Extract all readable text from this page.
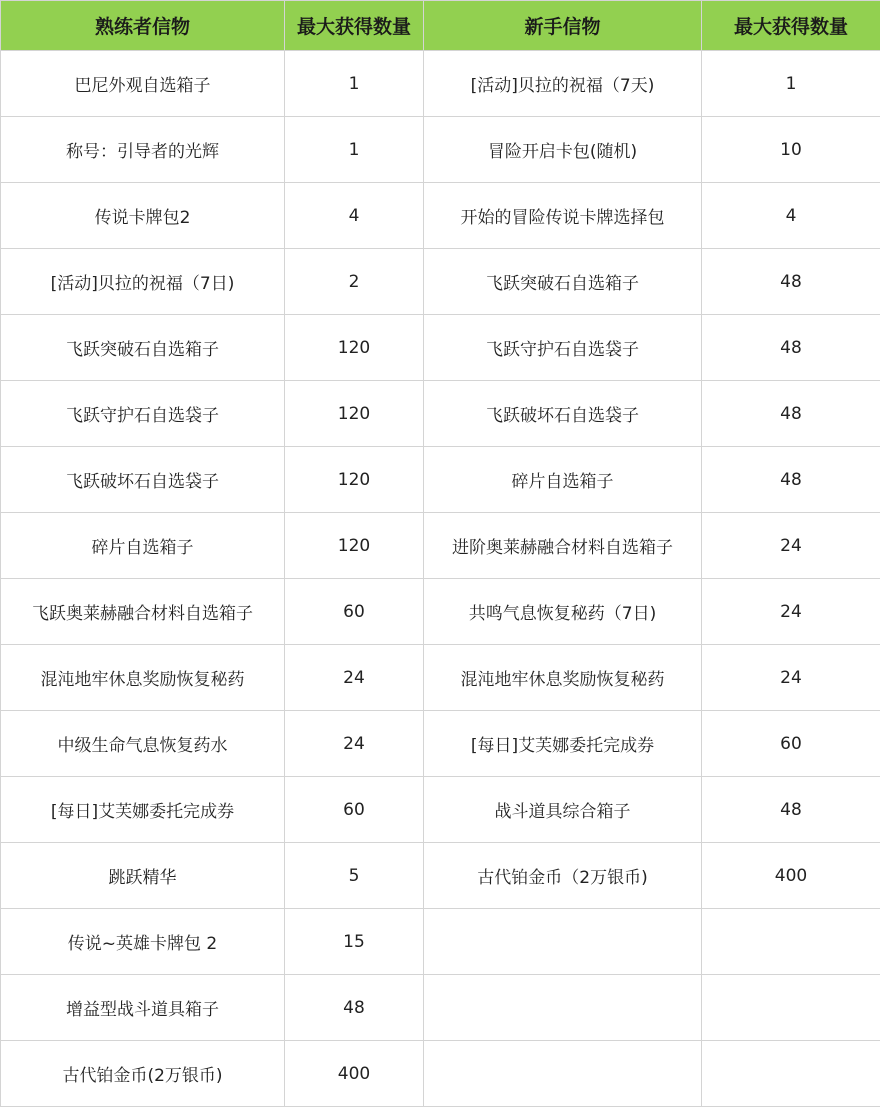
熟练者信物	最大获得数量	新手信物	最大获得数量
巴尼外观自选箱子	1	[活动]贝拉的祝福（7天)	1
称号：引导者的光辉	1	冒险开启卡包(随机)	10
传说卡牌包2	4	开始的冒险传说卡牌选择包	4
[活动]贝拉的祝福（7日)	2	飞跃突破石自选箱子	48
飞跃突破石自选箱子	120	飞跃守护石自选袋子	48
飞跃守护石自选袋子	120	飞跃破坏石自选袋子	48
飞跃破坏石自选袋子	120	碎片自选箱子	48
碎片自选箱子	120	进阶奥莱赫融合材料自选箱子	24
飞跃奥莱赫融合材料自选箱子	60	共鸣气息恢复秘药（7日)	24
混沌地牢休息奖励恢复秘药	24	混沌地牢休息奖励恢复秘药	24
中级生命气息恢复药水	24	[每日]艾芙娜委托完成券	60
[每日]艾芙娜委托完成券	60	战斗道具综合箱子	48
跳跃精华	5	古代铂金币（2万银币)	400
传说~英雄卡牌包 2	15		
增益型战斗道具箱子	48		
古代铂金币(2万银币)	400		
